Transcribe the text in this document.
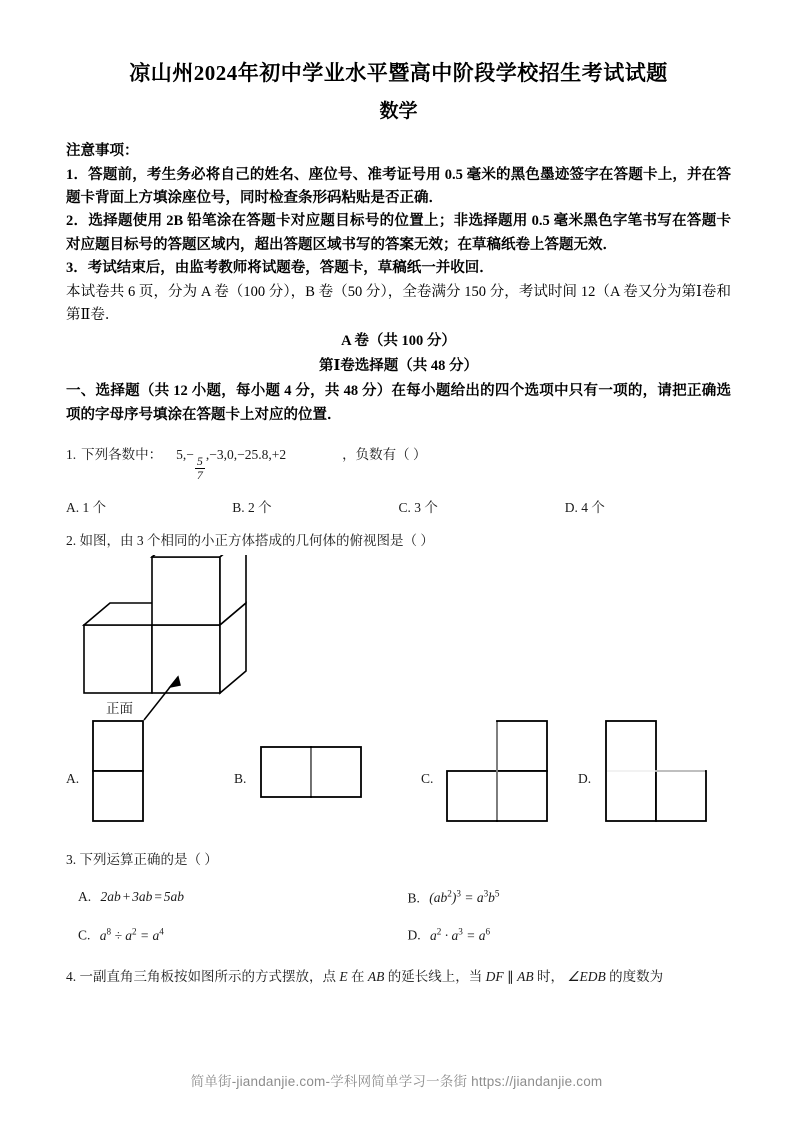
凉山州2024年初中学业水平暨高中阶段学校招生考试试题
数学
注意事项：

1．答题前，考生务必将自己的姓名、座位号、准考证号用 0.5 毫米的黑色墨迹签字在答题卡上，并在答题卡背面上方填涂座位号，同时检查条形码粘贴是否正确．

2．选择题使用 2B 铅笔涂在答题卡对应题目标号的位置上；非选择题用 0.5 毫米黑色字笔书写在答题卡对应题目标号的答题区域内，超出答题区域书写的答案无效；在草稿纸卷上答题无效．

3．考试结束后，由监考教师将试题卷，答题卡，草稿纸一并收回．

本试卷共 6 页，分为 A 卷（100 分），B 卷（50 分），全卷满分 150 分，考试时间 12（A 卷又分为第Ⅰ卷和第Ⅱ卷．

A 卷（共 100 分）
第Ⅰ卷选择题（共 48 分）

一、选择题（共 12 小题，每小题 4 分，共 48 分）在每小题给出的四个选项中只有一项的，请把正确选项的字母序号填涂在答题卡上对应的位置．

1. 下列各数中： $5,- \frac{5}{7} ,-3,0,-25.8,+2$	，负数有（ ）
A. 1 个	B. 2 个	C. 3 个	D. 4 个
2. 如图，由 3 个相同的小正方体搭成的几何体的俯视图是（ ）
正面
A.	B.	C.	D.
3. 下列运算正确的是（ ）
A. 2ab + 3ab = 5ab	B. $(ab^2)^3 = a^3b^5$
C. $a^8 \div a^2 = a^4$	D. $a^2 \cdot a^3 = a^6$
4. 一副直角三角板按如图所示的方式摆放，点 E 在 AB 的延长线上，当 DF ∥ AB 时， ∠EDB 的度数为
简单街-jiandanjie.com-学科网简单学习一条街 https://jiandanjie.com
